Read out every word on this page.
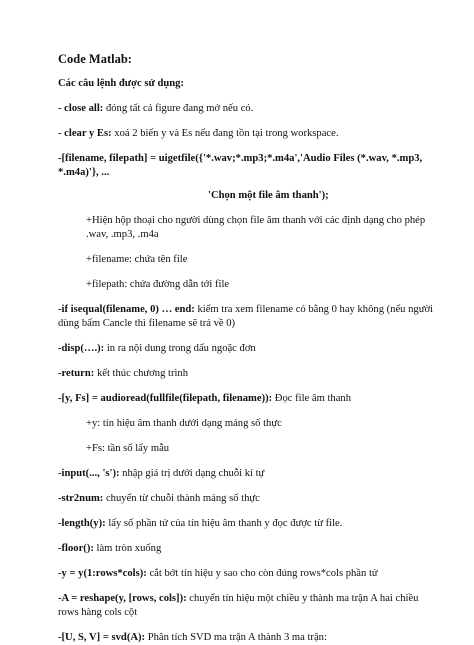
Code Matlab:
Các câu lệnh được sử dụng:
- close all: đóng tất cả figure đang mở nếu có.
- clear y Es: xoá 2 biến y và Es nếu đang tồn tại trong workspace.
-[filename, filepath] = uigetfile({'*.wav;*.mp3;*.m4a','Audio Files (*.wav, *.mp3, *.m4a)'}, ...
'Chọn một file âm thanh');
+Hiện hộp thoại cho người dùng chọn file âm thanh với các định dạng cho phép .wav, .mp3, .m4a
+filename: chứa tên file
+filepath: chứa đường dẫn tới file
-if isequal(filename, 0) … end: kiểm tra xem filename có bằng 0 hay không (nếu người dùng bấm Cancle thì filename sẽ trả về 0)
-disp(….): in ra nội dung trong dấu ngoặc đơn
-return: kết thúc chương trình
-[y, Fs] = audioread(fullfile(filepath, filename)): Đọc file âm thanh
+y: tín hiệu âm thanh dưới dạng mảng số thực
+Fs: tần số lấy mẫu
-input(..., 's'): nhập giá trị dưới dạng chuỗi kí tự
-str2num: chuyển từ chuỗi thành mảng số thực
-length(y): lấy số phần tử của tín hiệu âm thanh y đọc được từ file.
-floor(): làm tròn xuống
-y = y(1:rows*cols): cắt bớt tín hiệu y sao cho còn đúng rows*cols phần tử
-A = reshape(y, [rows, cols]): chuyển tín hiệu một chiều y thành ma trận A hai chiều rows hàng cols cột
-[U, S, V] = svd(A): Phân tích SVD ma trận A thành 3 ma trận:
